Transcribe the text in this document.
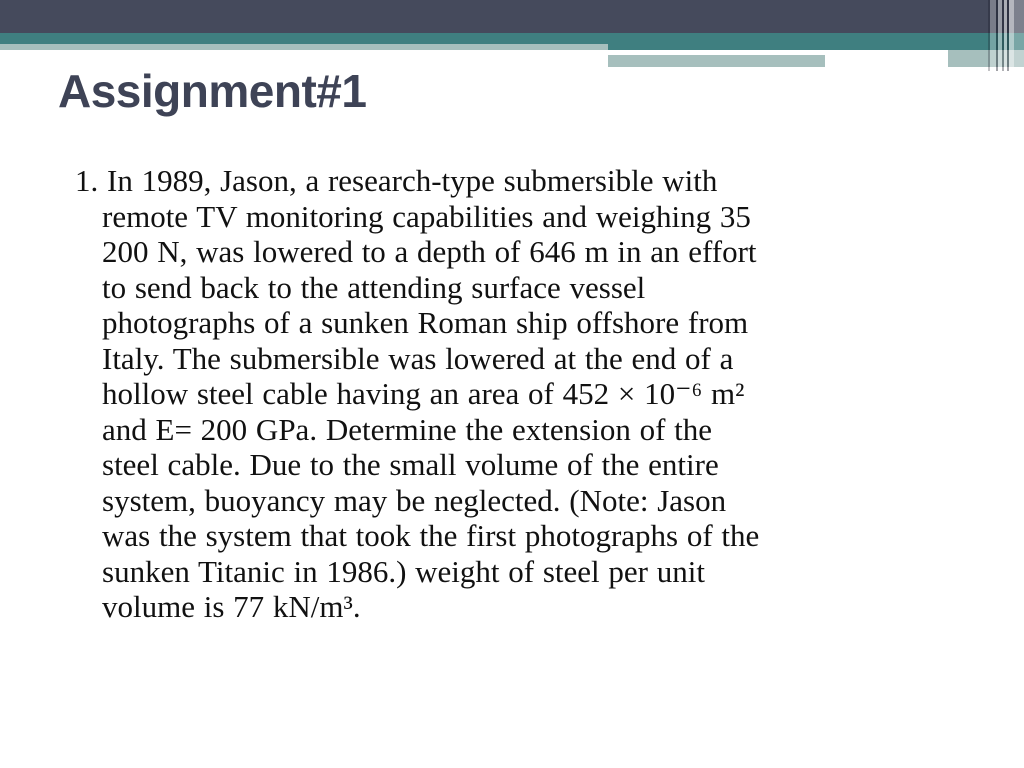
Assignment#1
1. In 1989, Jason, a research-type submersible with
remote TV monitoring capabilities and weighing 35
200 N, was lowered to a depth of 646 m in an effort
to send back to the attending surface vessel
photographs of a sunken Roman ship offshore from
Italy. The submersible was lowered at the end of a
hollow steel cable having an area of 452 × 10⁻⁶ m²
and E= 200 GPa. Determine the extension of the
steel cable. Due to the small volume of the entire
system, buoyancy may be neglected. (Note: Jason
was the system that took the first photographs of the
sunken Titanic in 1986.) weight of steel per unit
volume is 77 kN/m³.
